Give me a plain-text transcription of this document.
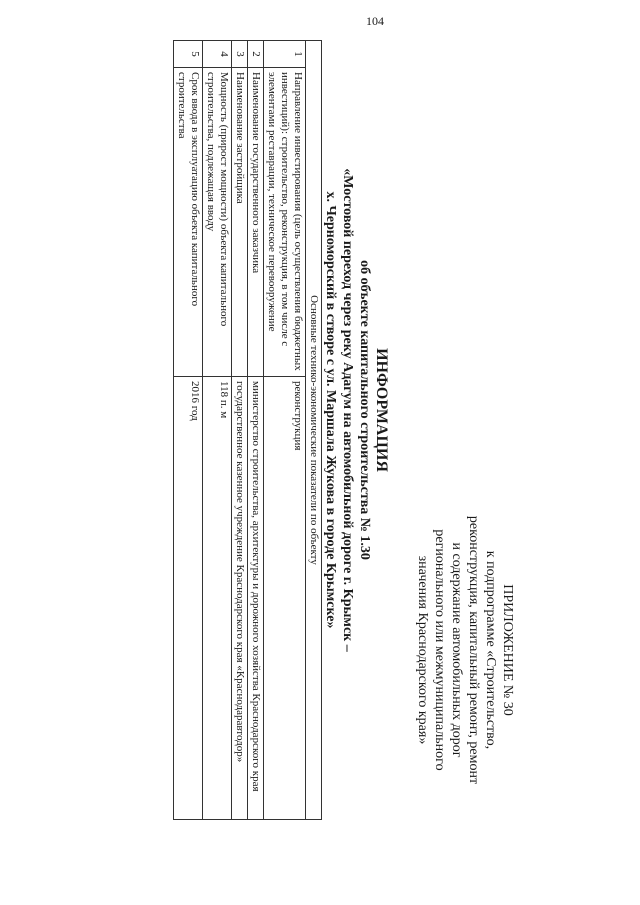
104
ПРИЛОЖЕНИЕ № 30
к подпрограмме «Строительство,
реконструкция, капитальный ремонт, ремонт
и содержание автомобильных дорог
регионального или межмуниципального
значения Краснодарского края»
ИНФОРМАЦИЯ
об объекте капитального строительства № 1.30
«Мостовой переход через реку Адагум на автомобильной дороге г. Крымск –
х. Черноморский в створе с ул. Маршала Жукова в городе Крымске»
Основные технико-экономические показатели по объекту		
1	Направление инвестирования (цель осуществления бюджетных инвестиций): строительство, реконструкция, в том числе с элементами реставрации, техническое перевооружение	реконструкция
2	Наименование государственного заказчика	министерство строительства, архитектуры и дорожного хозяйства Краснодарского края
3	Наименование застройщика	государственное казенное учреждение Краснодарского края «Краснодаравтодор»
4	Мощность (прирост мощности) объекта капитального строительства, подлежащая вводу	118 п. м
5	Срок ввода в эксплуатацию объекта капитального строительства	2016 год
